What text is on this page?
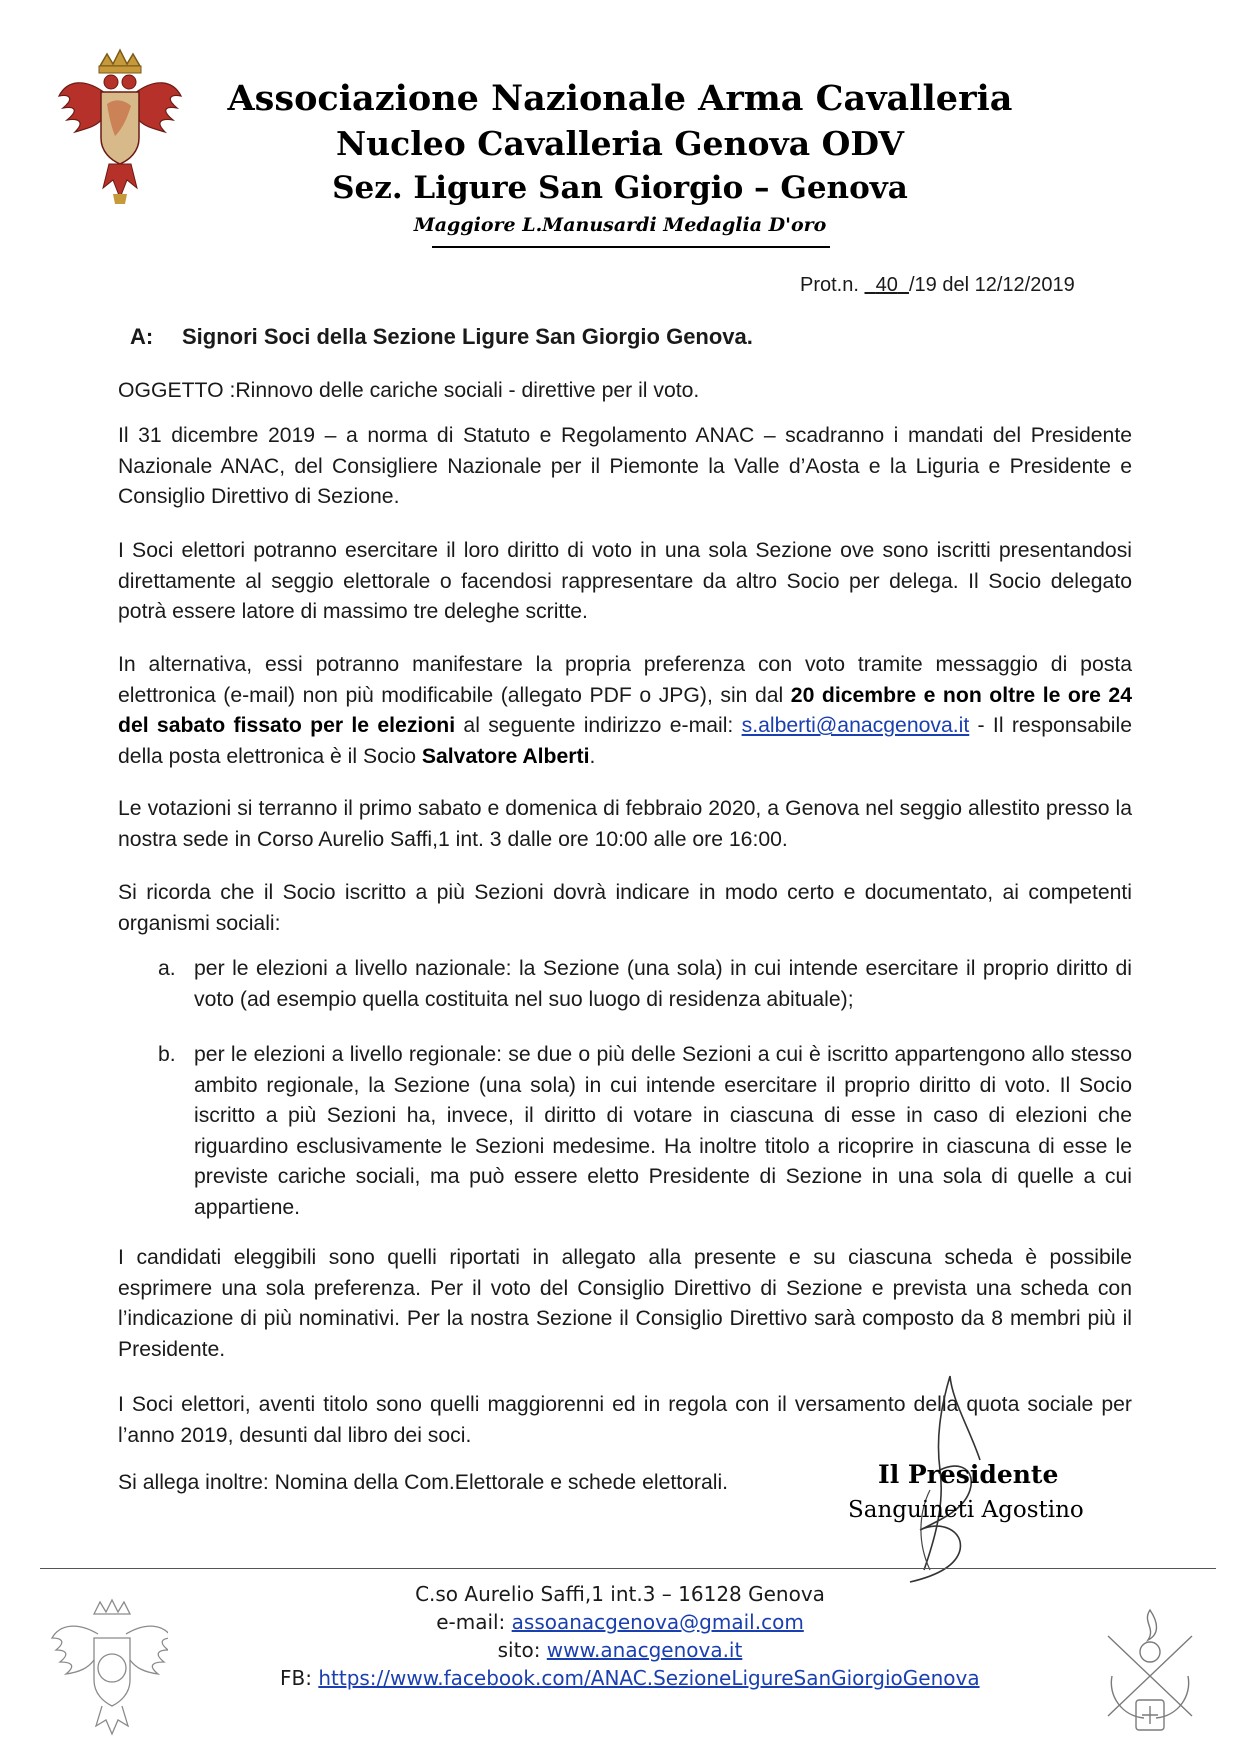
Associazione Nazionale Arma Cavalleria
Nucleo Cavalleria Genova ODV
Sez. Ligure San Giorgio – Genova
Maggiore L.Manusardi Medaglia D'oro
Prot.n. 40 /19 del 12/12/2019
A: Signori Soci della Sezione Ligure San Giorgio Genova.
OGGETTO :Rinnovo delle cariche sociali - direttive per il voto.
Il 31 dicembre 2019 – a norma di Statuto e Regolamento ANAC – scadranno i mandati del Presidente Nazionale ANAC, del Consigliere Nazionale per il Piemonte la Valle d’Aosta e la Liguria e Presidente e Consiglio Direttivo di Sezione.
I Soci elettori potranno esercitare il loro diritto di voto in una sola Sezione ove sono iscritti presentandosi direttamente al seggio elettorale o facendosi rappresentare da altro Socio per delega. Il Socio delegato potrà essere latore di massimo tre deleghe scritte.
In alternativa, essi potranno manifestare la propria preferenza con voto tramite messaggio di posta elettronica (e-mail) non più modificabile (allegato PDF o JPG), sin dal 20 dicembre e non oltre le ore 24 del sabato fissato per le elezioni al seguente indirizzo e-mail: s.alberti@anacgenova.it - Il responsabile della posta elettronica è il Socio Salvatore Alberti.
Le votazioni si terranno il primo sabato e domenica di febbraio 2020, a Genova nel seggio allestito presso la nostra sede in Corso Aurelio Saffi,1 int. 3 dalle ore 10:00 alle ore 16:00.
Si ricorda che il Socio iscritto a più Sezioni dovrà indicare in modo certo e documentato, ai competenti organismi sociali:
a. per le elezioni a livello nazionale: la Sezione (una sola) in cui intende esercitare il proprio diritto di voto (ad esempio quella costituita nel suo luogo di residenza abituale);
b. per le elezioni a livello regionale: se due o più delle Sezioni a cui è iscritto appartengono allo stesso ambito regionale, la Sezione (una sola) in cui intende esercitare il proprio diritto di voto. Il Socio iscritto a più Sezioni ha, invece, il diritto di votare in ciascuna di esse in caso di elezioni che riguardino esclusivamente le Sezioni medesime. Ha inoltre titolo a ricoprire in ciascuna di esse le previste cariche sociali, ma può essere eletto Presidente di Sezione in una sola di quelle a cui appartiene.
I candidati eleggibili sono quelli riportati in allegato alla presente e su ciascuna scheda è possibile esprimere una sola preferenza. Per il voto del Consiglio Direttivo di Sezione e prevista una scheda con l’indicazione di più nominativi. Per la nostra Sezione il Consiglio Direttivo sarà composto da 8 membri più il Presidente.
I Soci elettori, aventi titolo sono quelli maggiorenni ed in regola con il versamento della quota sociale per l’anno 2019, desunti dal libro dei soci.
Si allega inoltre: Nomina della Com.Elettorale e schede elettorali.	Il Presidente
Sanguineti Agostino
C.so Aurelio Saffi,1 int.3 – 16128 Genova
e-mail: assoanacgenova@gmail.com
sito: www.anacgenova.it
FB: https://www.facebook.com/ANAC.SezioneLigureSanGiorgioGenova
